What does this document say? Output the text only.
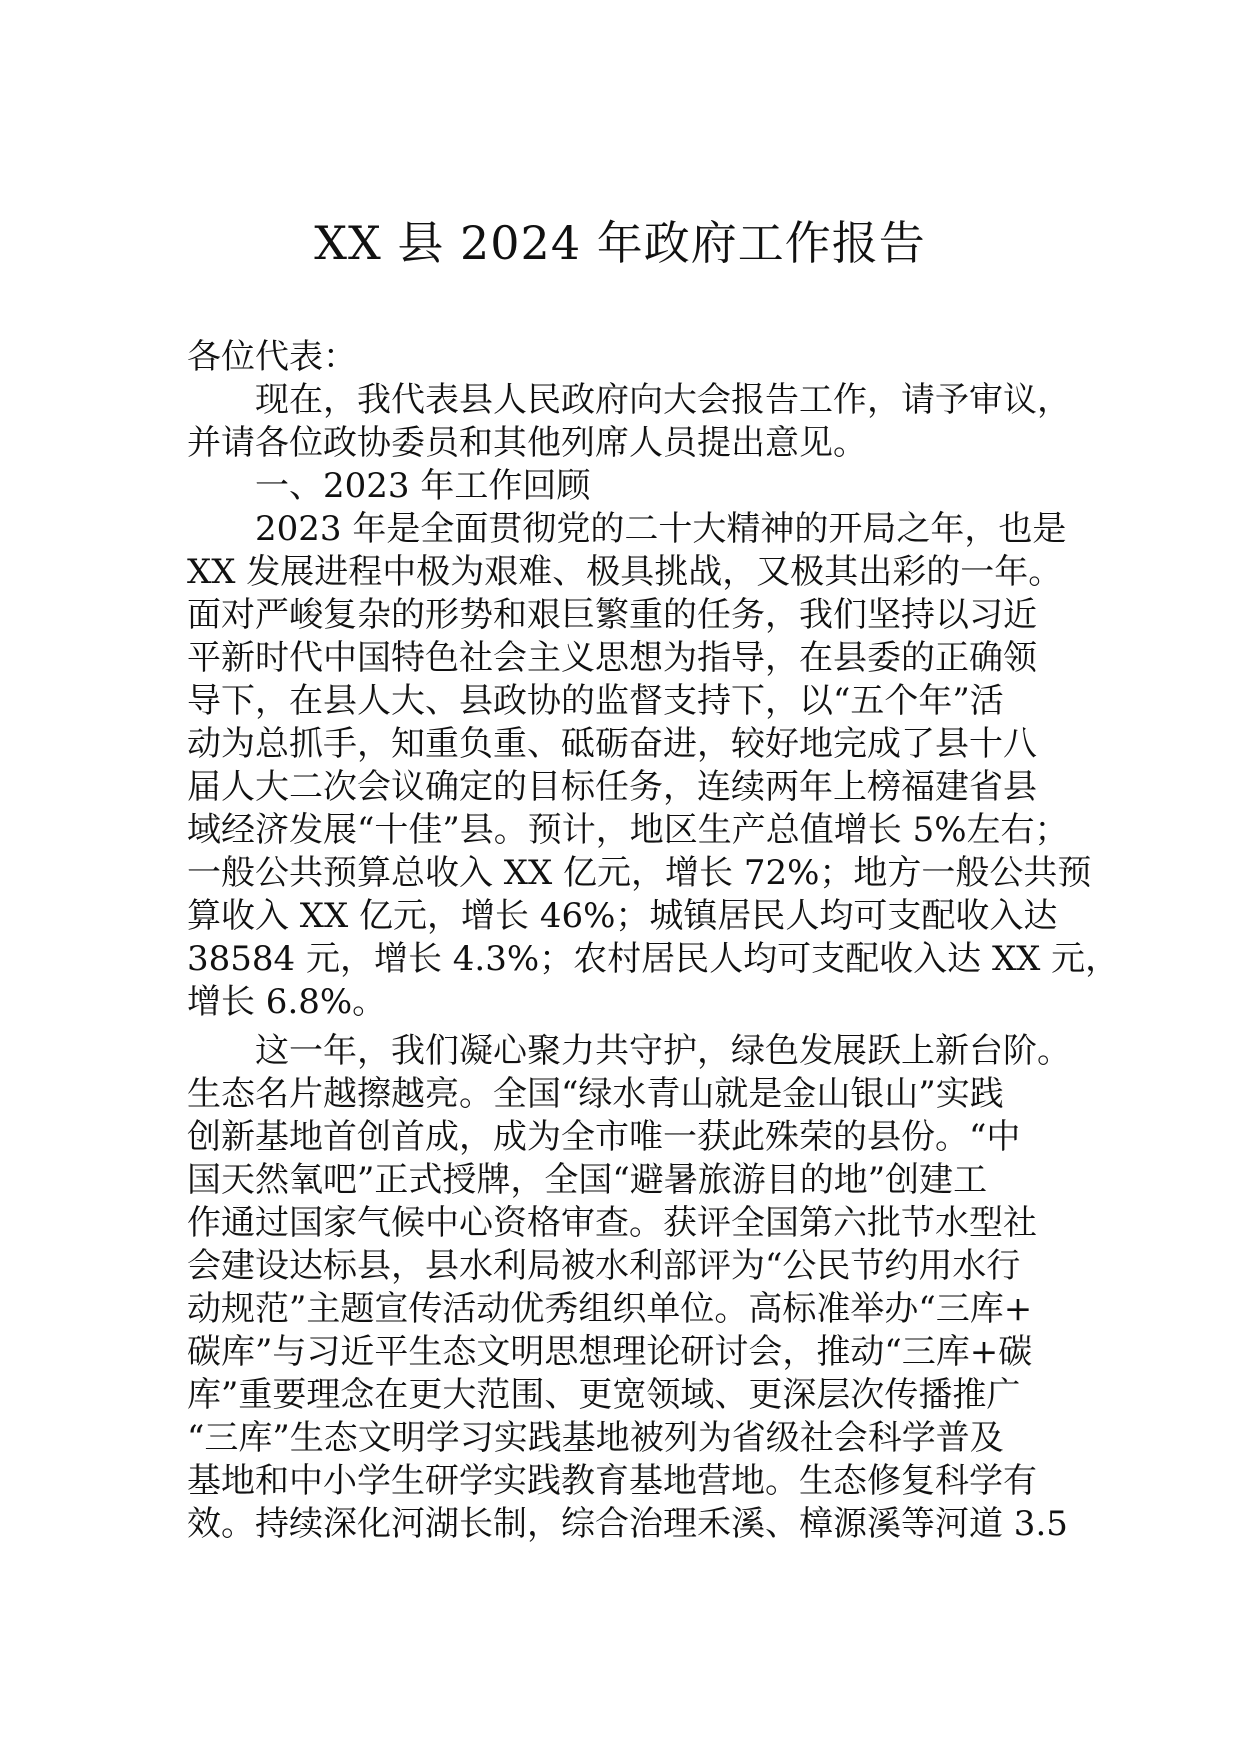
XX 县 2024 年政府工作报告
各位代表：
现在，我代表县人民政府向大会报告工作，请予审议，
并请各位政协委员和其他列席人员提出意见。
一、2023 年工作回顾
2023 年是全面贯彻党的二十大精神的开局之年，也是
XX 发展进程中极为艰难、极具挑战，又极其出彩的一年。
面对严峻复杂的形势和艰巨繁重的任务，我们坚持以习近
平新时代中国特色社会主义思想为指导，在县委的正确领
导下，在县人大、县政协的监督支持下，以“五个年”活
动为总抓手，知重负重、砥砺奋进，较好地完成了县十八
届人大二次会议确定的目标任务，连续两年上榜福建省县
域经济发展“十佳”县。预计，地区生产总值增长 5%左右；
一般公共预算总收入 XX 亿元，增长 72%；地方一般公共预
算收入 XX 亿元，增长 46%；城镇居民人均可支配收入达
38584 元，增长 4.3%；农村居民人均可支配收入达 XX 元，
增长 6.8%。
这一年，我们凝心聚力共守护，绿色发展跃上新台阶。
生态名片越擦越亮。全国“绿水青山就是金山银山”实践
创新基地首创首成，成为全市唯一获此殊荣的县份。“中
国天然氧吧”正式授牌，全国“避暑旅游目的地”创建工
作通过国家气候中心资格审查。获评全国第六批节水型社
会建设达标县，县水利局被水利部评为“公民节约用水行
动规范”主题宣传活动优秀组织单位。高标准举办“三库+
碳库”与习近平生态文明思想理论研讨会，推动“三库+碳
库”重要理念在更大范围、更宽领域、更深层次传播推广
“三库”生态文明学习实践基地被列为省级社会科学普及
基地和中小学生研学实践教育基地营地。生态修复科学有
效。持续深化河湖长制，综合治理禾溪、樟源溪等河道 3.5
